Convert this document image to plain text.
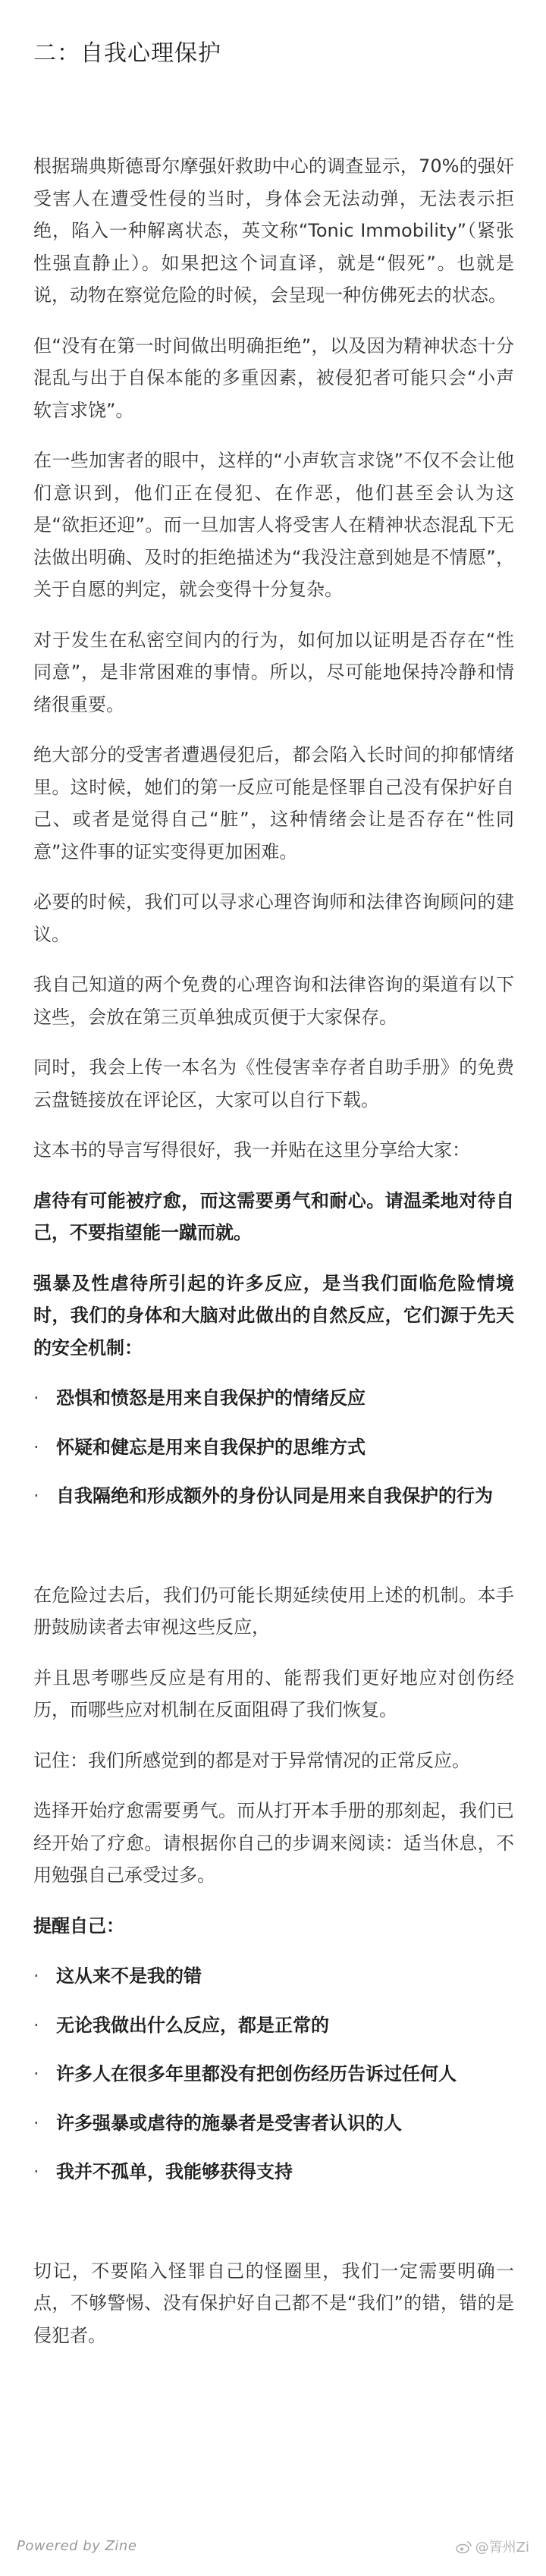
二：自我心理保护

根据瑞典斯德哥尔摩强奸救助中心的调查显示，70%的强奸受害人在遭受性侵的当时，身体会无法动弹，无法表示拒绝，陷入一种解离状态，英文称“Tonic Immobility”（紧张性强直静止）。如果把这个词直译，就是“假死”。也就是说，动物在察觉危险的时候，会呈现一种仿佛死去的状态。

但“没有在第一时间做出明确拒绝”，以及因为精神状态十分混乱与出于自保本能的多重因素，被侵犯者可能只会“小声软言求饶”。

在一些加害者的眼中，这样的“小声软言求饶”不仅不会让他们意识到，他们正在侵犯、在作恶，他们甚至会认为这是“欲拒还迎”。而一旦加害人将受害人在精神状态混乱下无法做出明确、及时的拒绝描述为“我没注意到她是不情愿”，关于自愿的判定，就会变得十分复杂。

对于发生在私密空间内的行为，如何加以证明是否存在“性同意”，是非常困难的事情。所以，尽可能地保持冷静和情绪很重要。

绝大部分的受害者遭遇侵犯后，都会陷入长时间的抑郁情绪里。这时候，她们的第一反应可能是怪罪自己没有保护好自己、或者是觉得自己“脏”，这种情绪会让是否存在“性同意”这件事的证实变得更加困难。

必要的时候，我们可以寻求心理咨询师和法律咨询顾问的建议。

我自己知道的两个免费的心理咨询和法律咨询的渠道有以下这些，会放在第三页单独成页便于大家保存。

同时，我会上传一本名为《性侵害幸存者自助手册》的免费云盘链接放在评论区，大家可以自行下载。

这本书的导言写得很好，我一并贴在这里分享给大家：

虐待有可能被疗愈，而这需要勇气和耐心。请温柔地对待自己，不要指望能一蹴而就。

强暴及性虐待所引起的许多反应，是当我们面临危险情境时，我们的身体和大脑对此做出的自然反应，它们源于先天的安全机制：

· 恐惧和愤怒是用来自我保护的情绪反应
· 怀疑和健忘是用来自我保护的思维方式
· 自我隔绝和形成额外的身份认同是用来自我保护的行为

在危险过去后，我们仍可能长期延续使用上述的机制。本手册鼓励读者去审视这些反应，

并且思考哪些反应是有用的、能帮我们更好地应对创伤经历，而哪些应对机制在反面阻碍了我们恢复。

记住：我们所感觉到的都是对于异常情况的正常反应。

选择开始疗愈需要勇气。而从打开本手册的那刻起，我们已经开始了疗愈。请根据你自己的步调来阅读：适当休息，不用勉强自己承受过多。

提醒自己：

· 这从来不是我的错
· 无论我做出什么反应，都是正常的
· 许多人在很多年里都没有把创伤经历告诉过任何人
· 许多强暴或虐待的施暴者是受害者认识的人
· 我并不孤单，我能够获得支持

切记，不要陷入怪罪自己的怪圈里，我们一定需要明确一点，不够警惕、没有保护好自己都不是“我们”的错，错的是侵犯者。

Powered by Zine	@箐州Zi
